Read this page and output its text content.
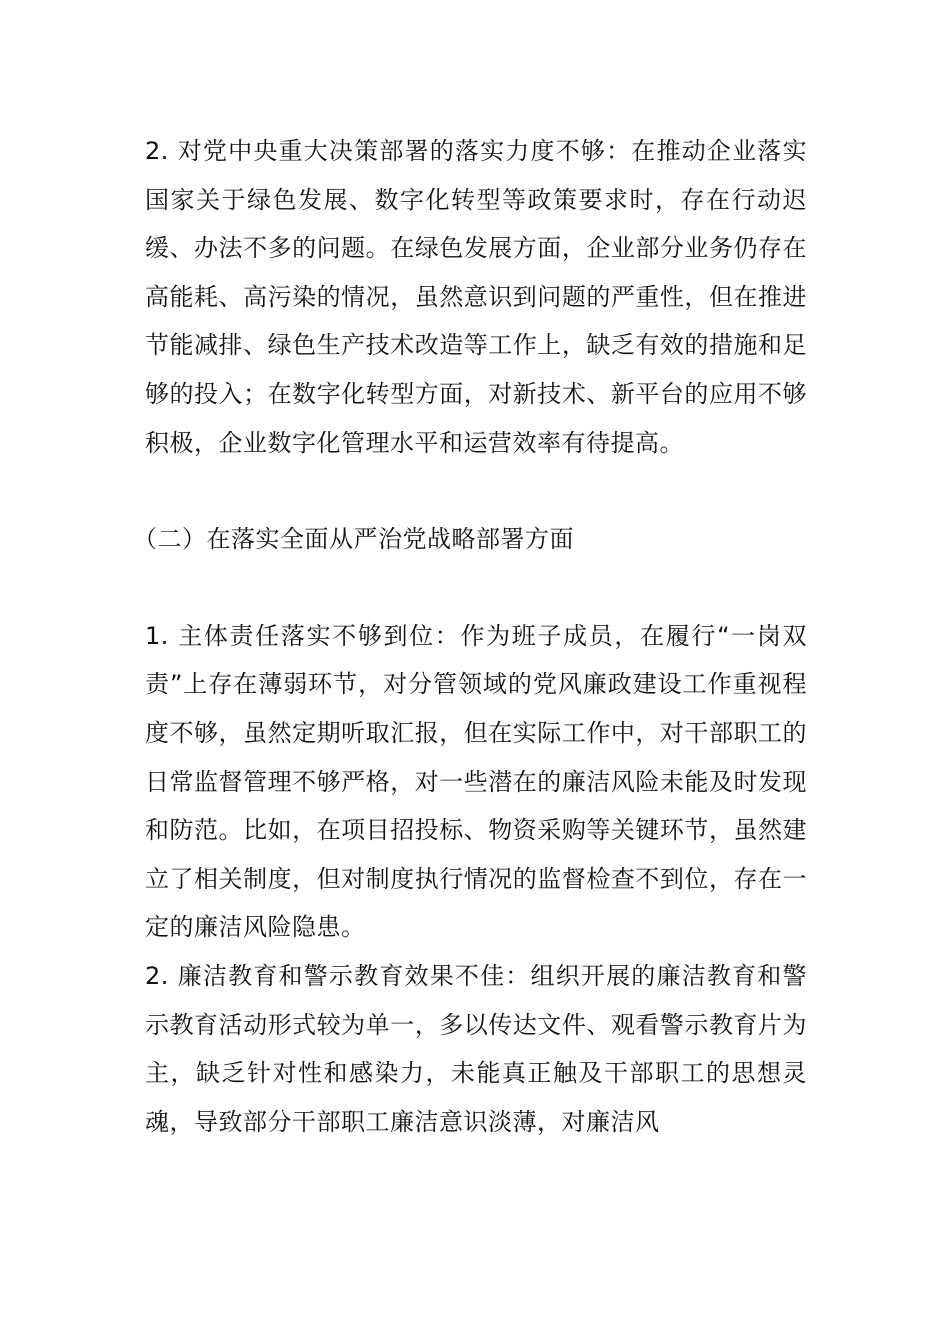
2. 对党中央重大决策部署的落实力度不够：在推动企业落实国家关于绿色发展、数字化转型等政策要求时，存在行动迟缓、办法不多的问题。在绿色发展方面，企业部分业务仍存在高能耗、高污染的情况，虽然意识到问题的严重性，但在推进节能减排、绿色生产技术改造等工作上，缺乏有效的措施和足够的投入；在数字化转型方面，对新技术、新平台的应用不够积极，企业数字化管理水平和运营效率有待提高。

（二）在落实全面从严治党战略部署方面

1. 主体责任落实不够到位：作为班子成员，在履行“一岗双责”上存在薄弱环节，对分管领域的党风廉政建设工作重视程度不够，虽然定期听取汇报，但在实际工作中，对干部职工的日常监督管理不够严格，对一些潜在的廉洁风险未能及时发现和防范。比如，在项目招投标、物资采购等关键环节，虽然建立了相关制度，但对制度执行情况的监督检查不到位，存在一定的廉洁风险隐患。

2. 廉洁教育和警示教育效果不佳：组织开展的廉洁教育和警示教育活动形式较为单一，多以传达文件、观看警示教育片为主，缺乏针对性和感染力，未能真正触及干部职工的思想灵魂，导致部分干部职工廉洁意识淡薄，对廉洁风
